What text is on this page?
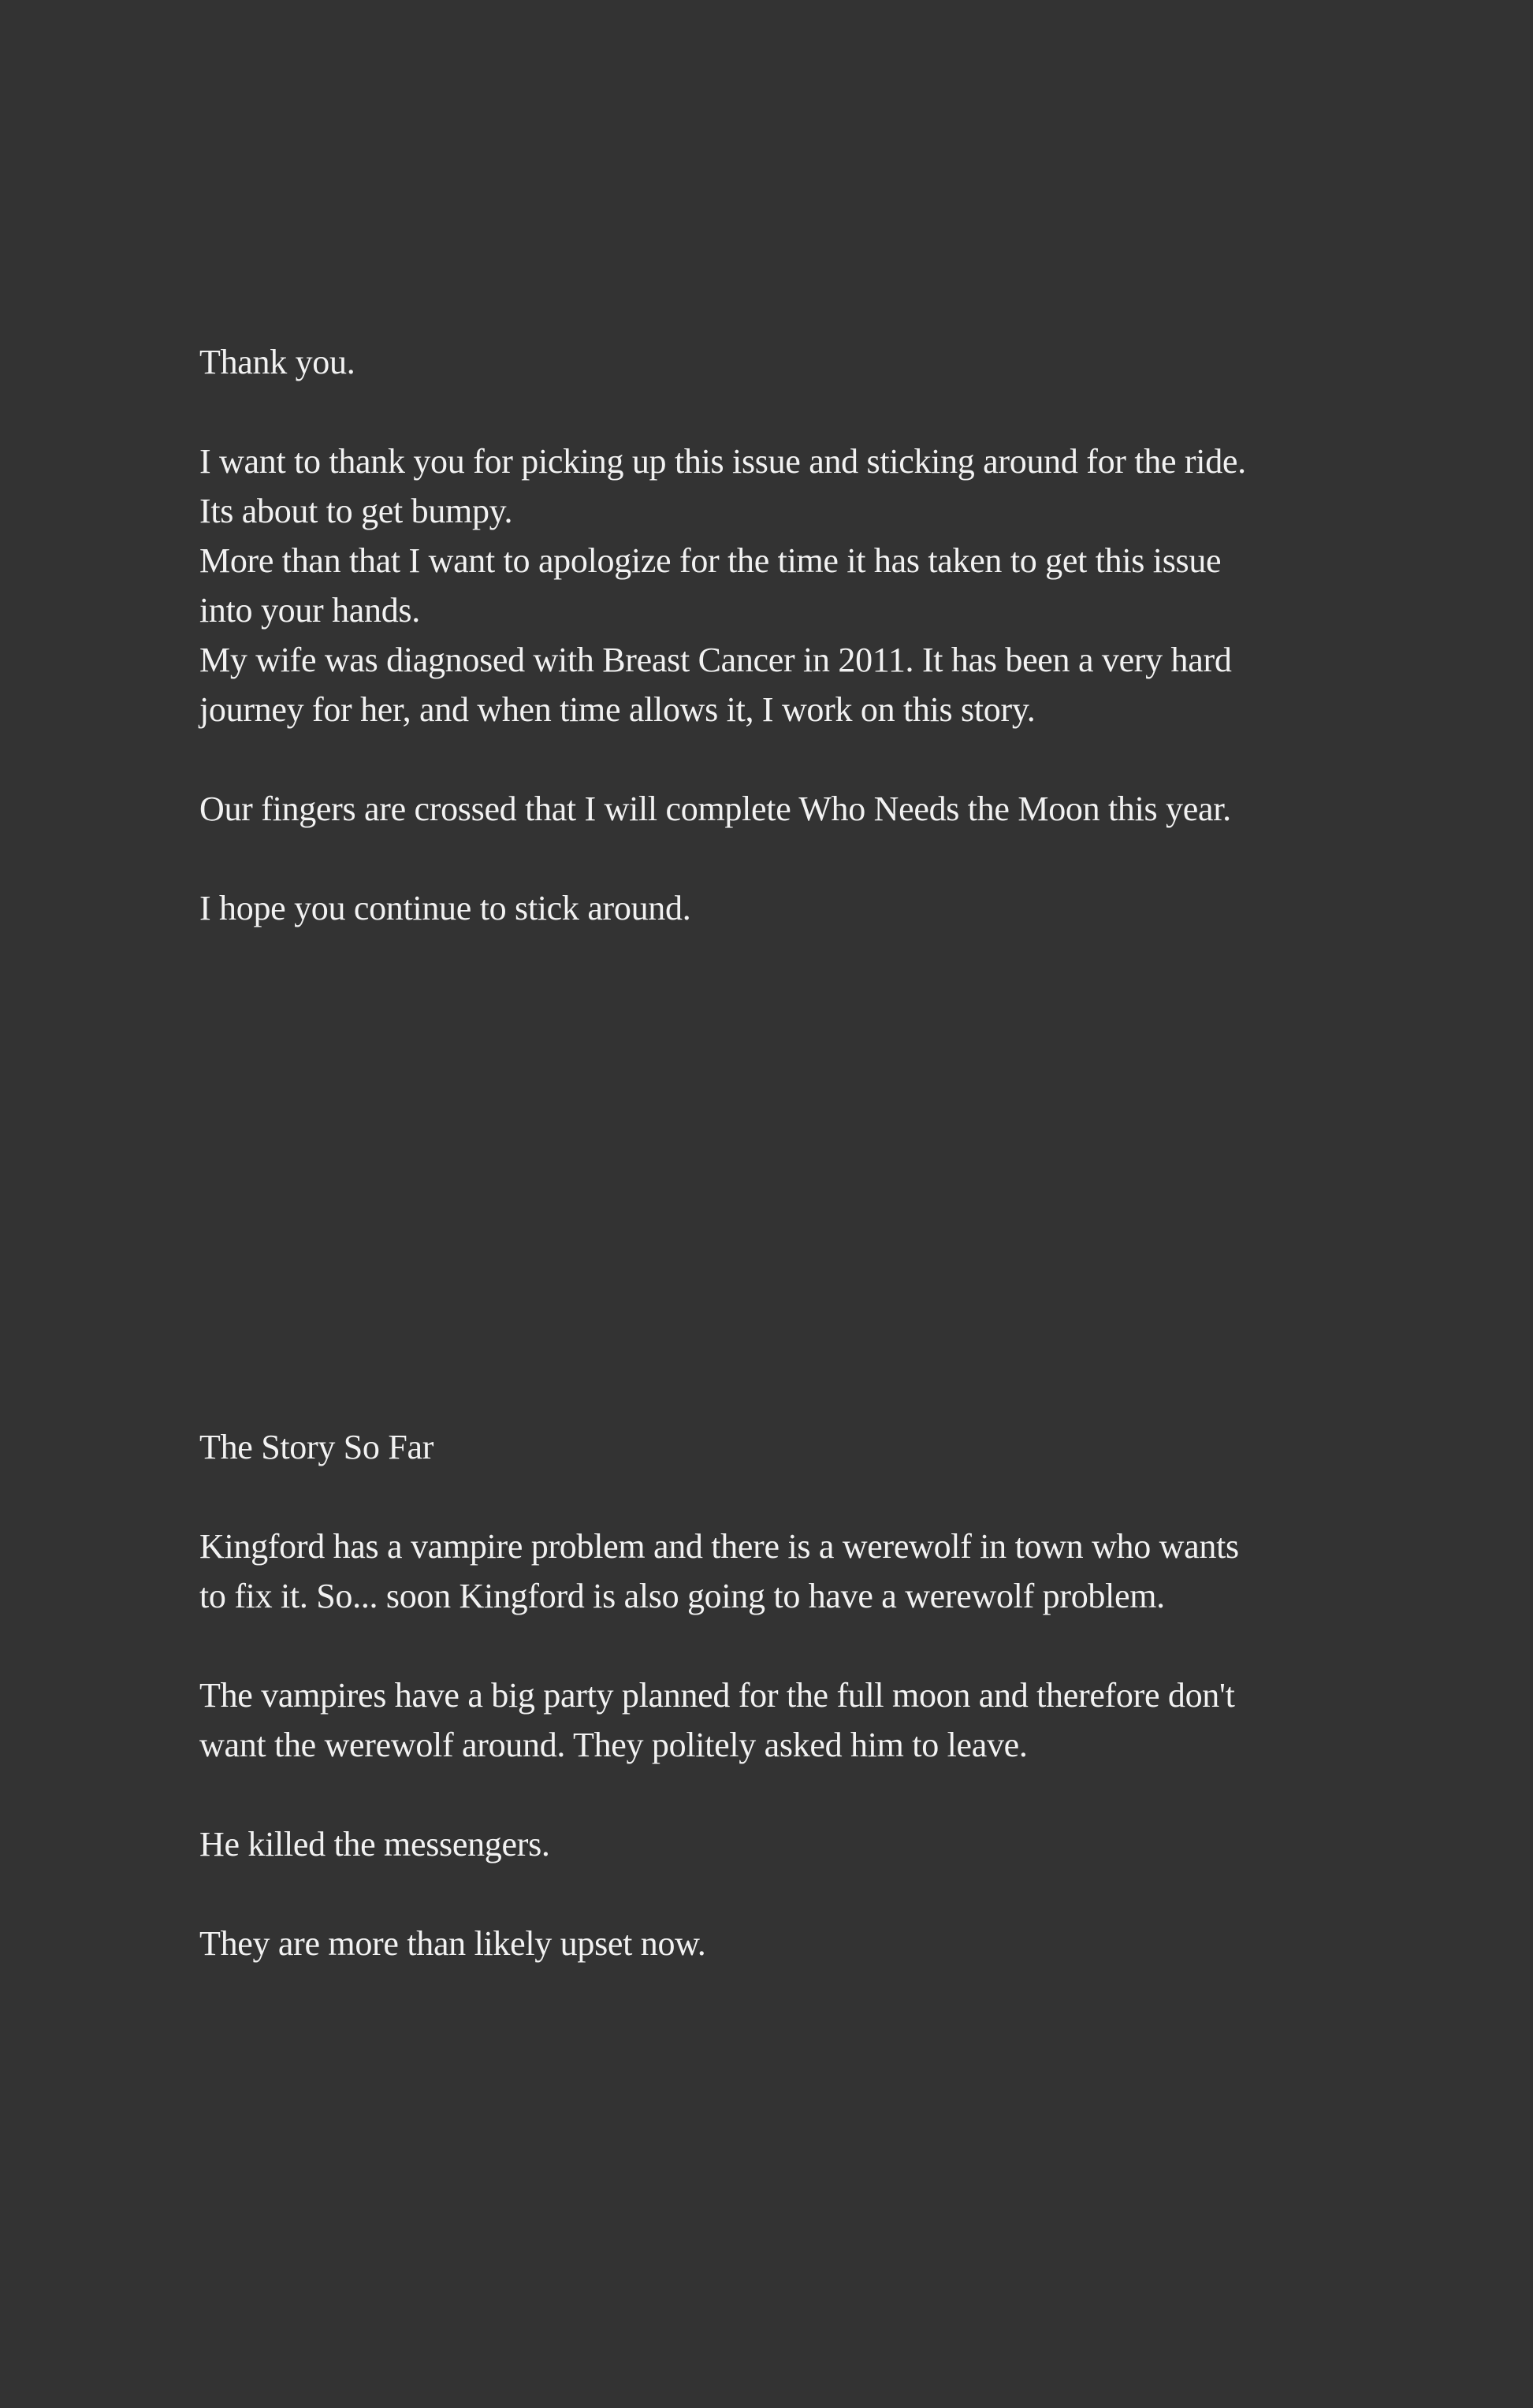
Thank you.

I want to thank you for picking up this issue and sticking around for the ride.

Its about to get bumpy.

More than that I want to apologize for the time it has taken to get this issue

into your hands.

My wife was diagnosed with Breast Cancer in 2011. It has been a very hard

journey for her, and when time allows it, I work on this story.

Our fingers are crossed that I will complete Who Needs the Moon this year.

I hope you continue to stick around.

The Story So Far

Kingford has a vampire problem and there is a werewolf in town who wants

to fix it. So... soon Kingford is also going to have a werewolf problem.

The vampires have a big party planned for the full moon and therefore don't

want the werewolf around. They politely asked him to leave.

He killed the messengers.

They are more than likely upset now.
